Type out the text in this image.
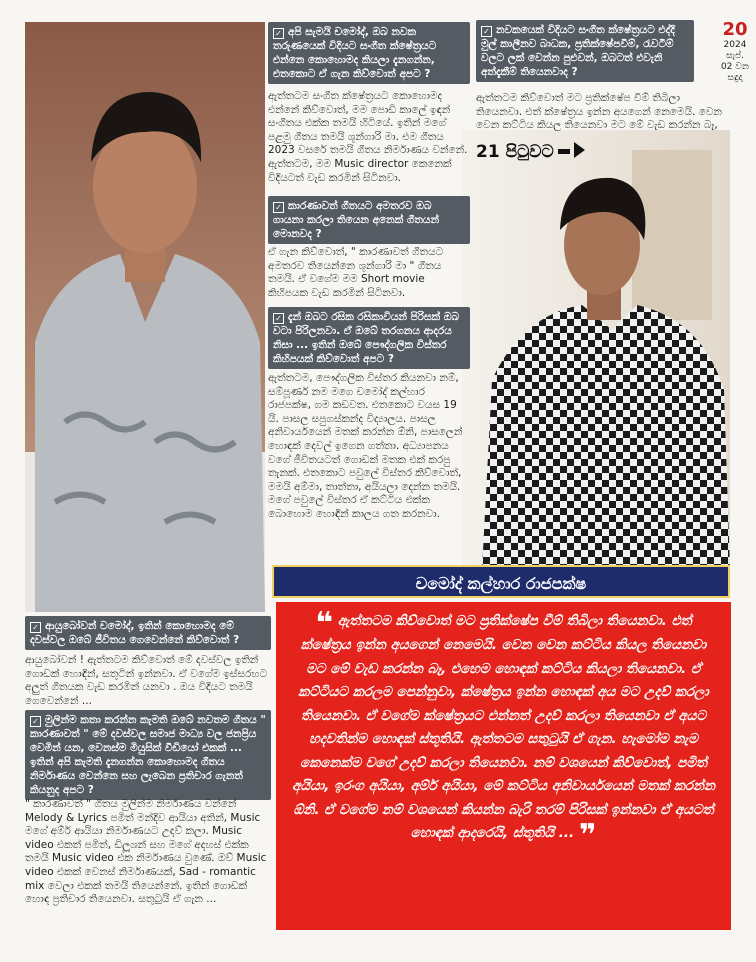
20
2024 සැප්. 02 වන සඳුදා
✓ අපි සැමයි චමෝද්, ඔබ නවක තරුණයෙක් විදියට සංගීත ක්ෂේත්‍රයට එන්නෙ කොහොමද කියලා දැනගන්න, එතකොට ඒ ගැන කිව්වොත් අපට ?
ඇත්තටම සංගීත ක්ෂේත්‍රයට කොහොමද එන්නේ කිව්වොත්, මම පොඩි කාලේ ඉඳන් සංගීතය එක්ක තමයි හිටියේ. ඉතින් මගේ පළමු ගීතය තමයි ශුන්ගාරි මා. එම ගීතය 2023 වසරේ තමයි ගීතය නිර්මාණය වන්නේ. ඇත්තටම, මම Music director කෙනෙක් විදියටත් වැඩ කරමින් සිටිනවා.
✓ කාරණාවත් ගීතයට අමතරව ඔබ ගායනා කරලා තියෙන අනෙක් ගීතයන් මොනවද ?
ඒ ගැන කිව්වොත්, " කාරණාවත් ගීතයට අමතරව තියෙන්නෙ ශුන්ගාරි මා " ගීතය තමයි. ඒ වගේම මම Short movie කිහිපයක වැඩ කරමින් සිටිනවා.
✓ දැන් ඔබට රසික රසිකාවියන් පිරිසක් ඔබ වටා පිරිලනවා. ඒ ඔබේ තරගනය ආදරය නිසා ... ඉතින් ඔබේ පෞද්ගලික විස්තර කිහිපයක් කිව්වොත් අපට ?
ඇත්තටම, පෞද්ගලික විස්තර කියනවා නම්, සම්පූර්ණ නම මගෙ චමෝද් කල්හාර රාජපක්ෂ, ගම කඩවත. එතකොට වයස 19 යි. පාසල සපුගස්කන්ද විද්‍යාලය. පාසල අනිවාර්යයෙන් මතක් කරන්න ඕනි, පාසලෙන් හොඳක් දෙවල් ඉගෙන ගත්තා. අධ්‍යාපනය වගේ ජීවිතයටත් ගොඩක් මතක එක් කරපු තැනක්. එතකොට පවුලේ විස්තර කිව්වොත්, මමයි අම්මා, තාත්තා, අයියලා දෙන්න තමයි. මගේ පවුලේ විස්තර ඒ කට්ටිය එක්ක බොහොම හොඳින් කාලය ගත කරනවා.
✓ නවකයෙක් විදියට සංගීත ක්ෂේත්‍රයට එද්දි මුල් කාලීනව බාධක, ප්‍රතික්ෂේපවීම්, රැවටීම් වලට ලක් වෙන්න පුළුවන්, ඔබටත් එවැනි අත්දැකීම් තියෙනවාද ?
ඇත්තටම කිව්වොත් මට ප්‍රතික්ෂේප වීම් තිබිලා තියෙනවා. එත් ක්ෂේත්‍රය ඉන්න අයගෙන් නෙමෙයි. වෙන වෙන කට්ටිය කියල තියෙනවා මට මේ වැඩ කරන්න බෑ,
21 පිටුවට
✓ ආයුබෝවන් චමෝද්, ඉතින් කොහොමද මේ දවස්වල ඔබේ ජීවිතය ගෙවෙන්නේ කිව්වොත් ?
ආයුබෝවන් ! ඇත්තටම කිව්වොත් මේ දවස්වල ඉතින් ගොඩක් හොඳින්, සතුටින් ඉන්නවා. ඒ වගේම ඉස්සරහට අලුත් ගීතයක වැඩ කරමින් යනවා . ඔය විදියට තමයි ගෙවෙන්නේ ...
✓ මුලින්ම කතා කරන්න කැමති ඔබේ නවතම ගීතය " කාරණාවත් " මේ දවස්වල සමාජ මාධ්‍ය වල ජනප්‍රිය වෙමින් යන, වෙනස්ම මියුසික් වීඩියෝ එකක් ... ඉතින් අපි කැමති දැනගන්න කොහොමද ගීතය නිර්මාණය වෙන්නෙ සහ ලැබෙන ප්‍රතිචාර ගැනත් කියනුද අපට ?
" කාරණාවත් " ගීතය මුලින්ම නිර්මාණය වන්නේ Melody & Lyrics පමිත් මන්දිව ආයියා අතින්, Music මගේ අම්ර් ආයියා නිර්මාණයට උදව් කලා. Music video එකත් පමිත්, ඩිලූශන් සහ මගේ අදහස් එක්ක තමයි Music video එක නිර්මාණය වුණේ. ඔව් Music video එකක් වෙනස් නිර්මාණයක්, Sad - romantic mix වෙලා එකක් තමයි තියෙන්නේ. ඉතින් ගොඩක් හොඳ ප්‍රතිචාර තියෙනවා. සතුටුයි ඒ ගැන ...
චමෝද් කල්හාර රාජපක්ෂ
❝ ඇත්තටම කිව්වොත් මට ප්‍රතික්ෂේප වීම් තිබිලා තියෙනවා. එත් ක්ෂේත්‍රය ඉන්න අයගෙන් නෙමෙයි. වෙන වෙන කට්ටිය කියල තියෙනවා මට මේ වැඩ කරන්න බෑ, එහෙම හොඳක් කට්ටිය කියලා තියෙනවා. ඒ කට්ටියට කරලම පෙන්නුවා, ක්ෂේත්‍රය ඉන්න හොඳක් අය මට උදව් කරලා තියෙනවා. ඒ වගේම ක්ෂේත්‍රයට එන්නත් උදව් කරලා තියෙනවා ඒ අයට හදවතින්ම හොඳක් ස්තූතියි. ඇත්තටම සතුටුයි ඒ ගැන. හැමෝම නැම කෙනෙක්ම වගේ උදව් කරලා තියෙනවා. නම් වශයෙන් කිව්වොත්, පමිත් අයියා, ඉරංග අයියා, අම්ර් අයියා, මේ කට්ටිය අනිවාර්යයෙන් මතක් කරන්න ඕනි. ඒ වගේම නම් වශයෙන් කියන්න බැරි තරම් පිරිසක් ඉන්නවා ඒ අයටත් හොඳක් ආදරෙයි, ස්තූතියි ... ❞
